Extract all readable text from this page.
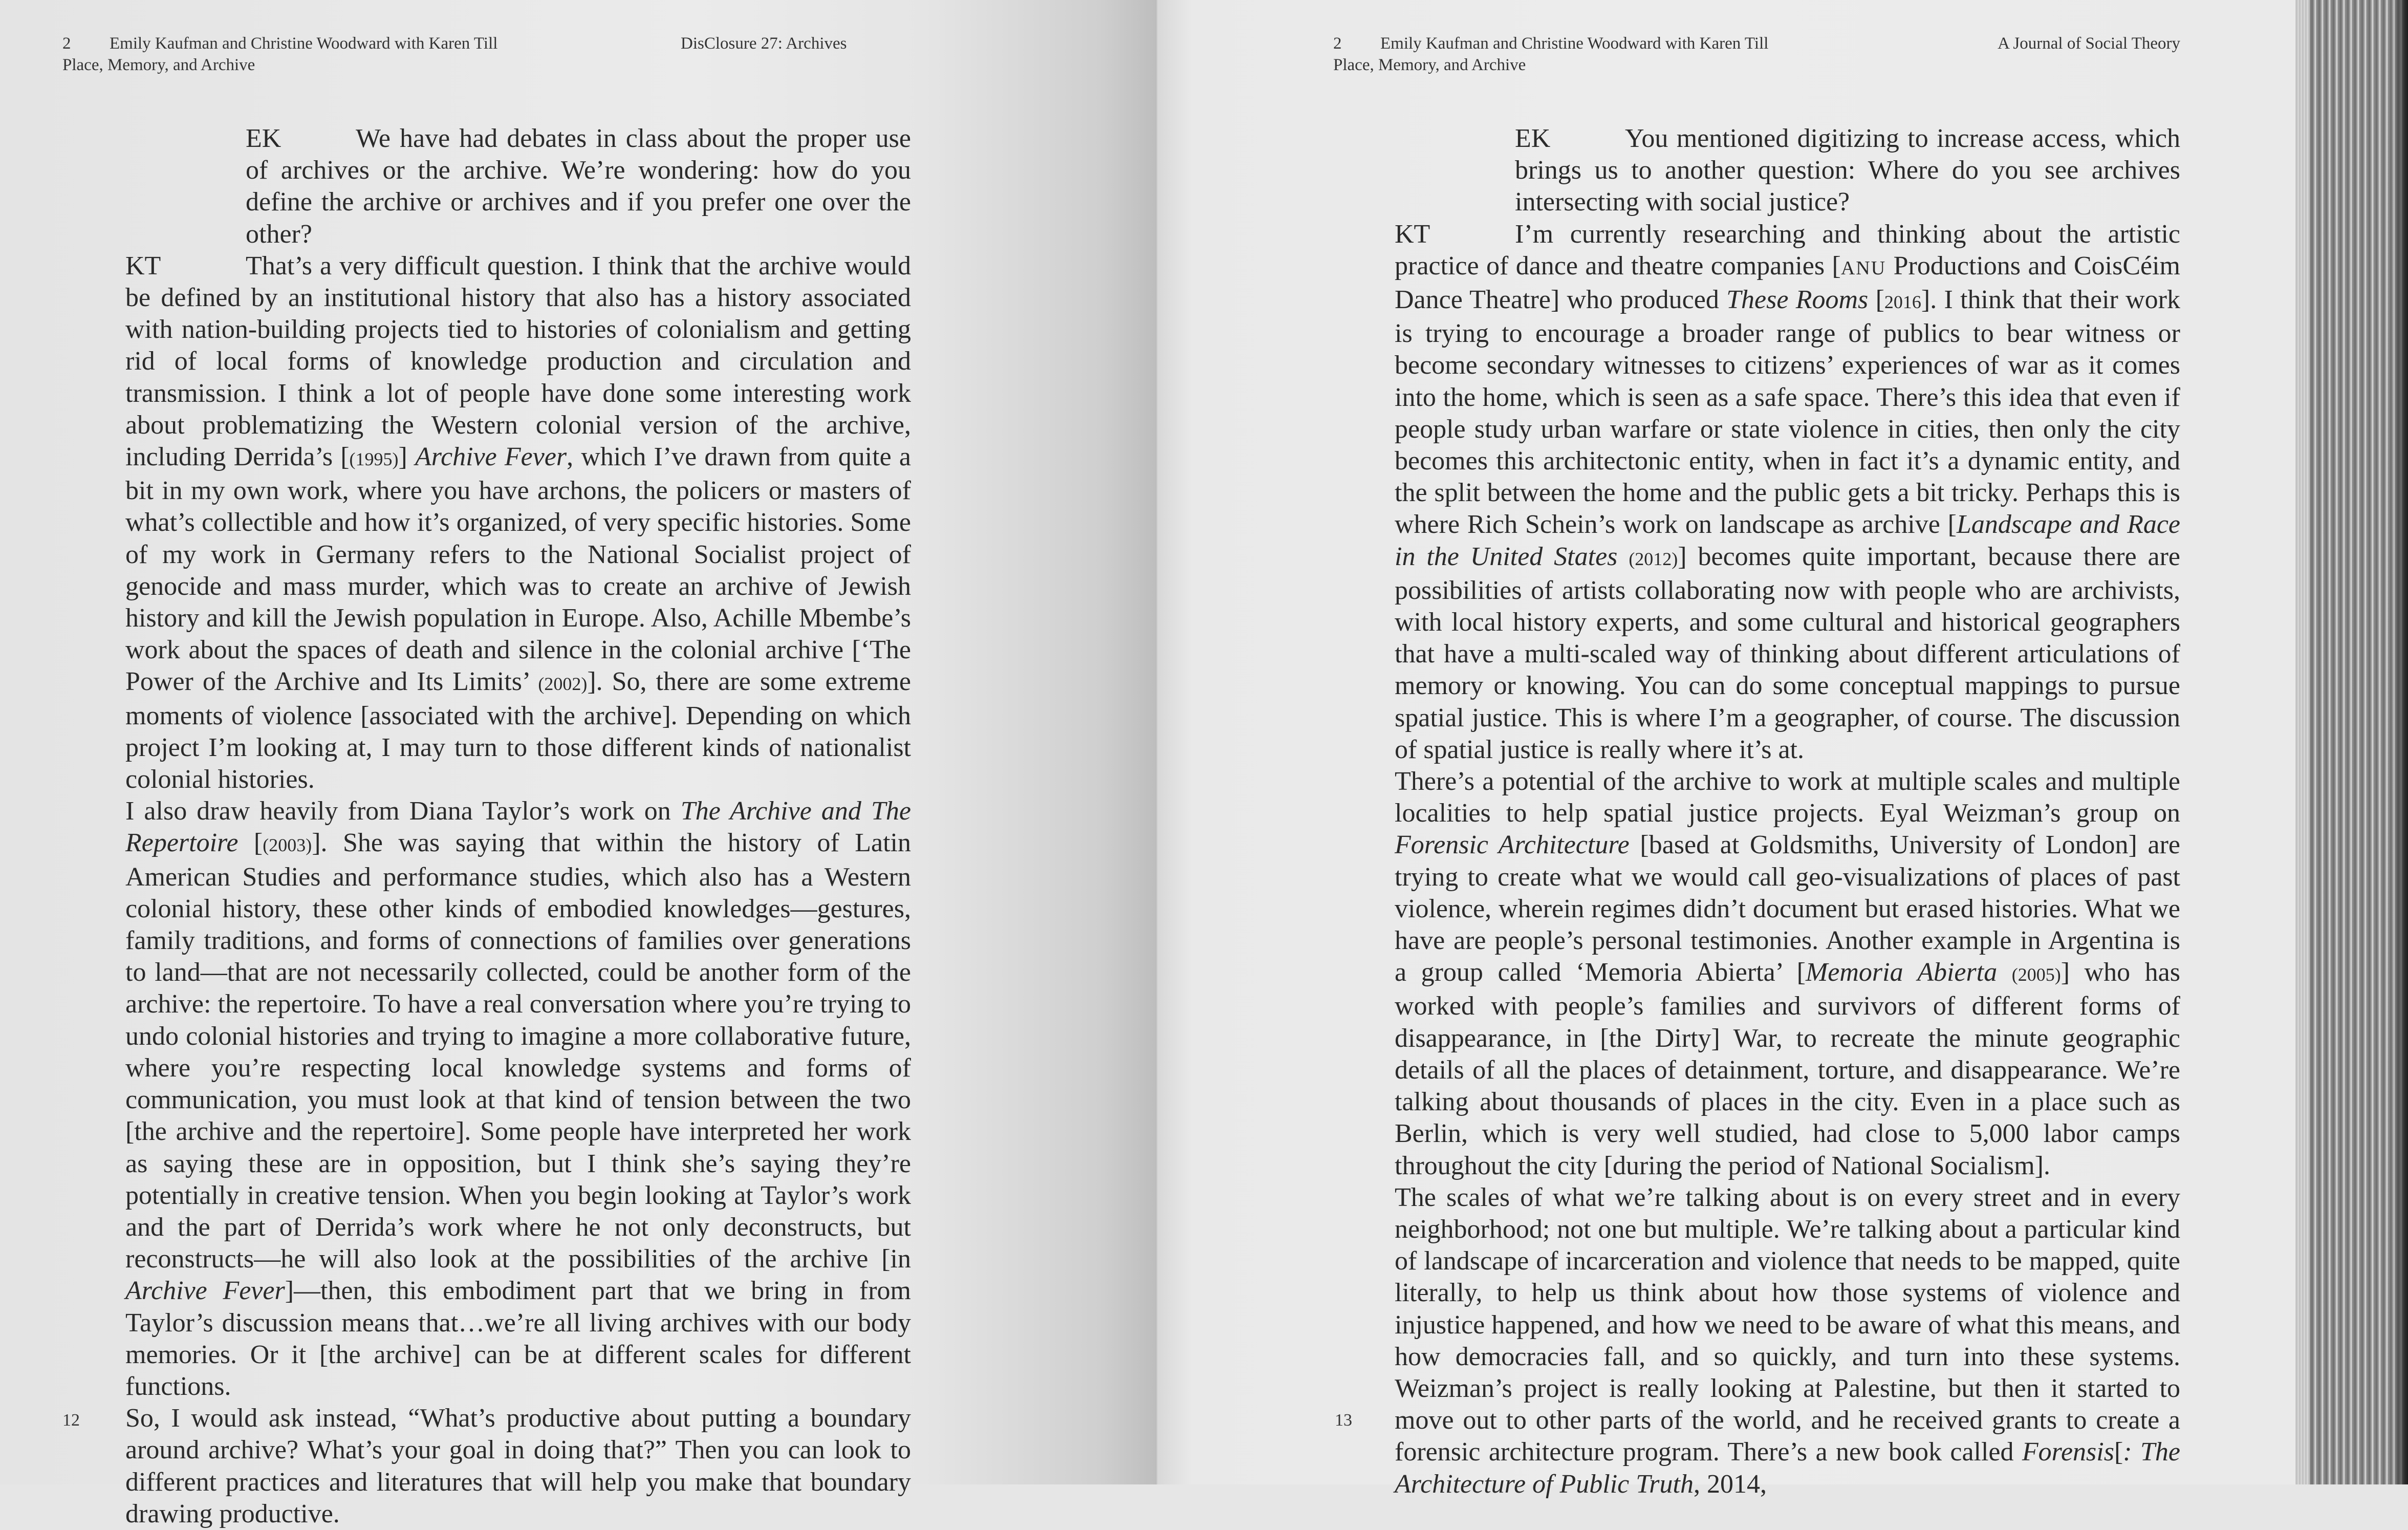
2 Emily Kaufman and Christine Woodward with Karen Till
Place, Memory, and Archive
DisClosure 27: Archives

EK	We have had debates in class about the proper use of archives or the archive. We’re wondering: how do you define the archive or archives and if you prefer one over the other?

KT	That’s a very difficult question. I think that the archive would be defined by an institutional history that also has a history associated with nation-building projects tied to histories of colonialism and getting rid of local forms of knowledge production and circulation and transmission. I think a lot of people have done some interesting work about problematizing the Western colonial version of the archive, including Derrida’s [(1995)] Archive Fever, which I’ve drawn from quite a bit in my own work, where you have archons, the policers or masters of what’s collectible and how it’s organized, of very specific histories. Some of my work in Germany refers to the National Socialist project of genocide and mass murder, which was to create an archive of Jewish history and kill the Jewish population in Europe. Also, Achille Mbembe’s work about the spaces of death and silence in the colonial archive [‘The Power of the Archive and Its Limits’ (2002)]. So, there are some extreme moments of violence [associated with the archive]. Depending on which project I’m looking at, I may turn to those different kinds of nationalist colonial histories.

I also draw heavily from Diana Taylor’s work on The Archive and The Repertoire [(2003)]. She was saying that within the history of Latin American Studies and performance studies, which also has a Western colonial history, these other kinds of embodied knowledges—gestures, family traditions, and forms of connections of families over generations to land—that are not necessarily collected, could be another form of the archive: the repertoire. To have a real conversation where you’re trying to undo colonial histories and trying to imagine a more collaborative future, where you’re respecting local knowledge systems and forms of communication, you must look at that kind of tension between the two [the archive and the repertoire]. Some people have interpreted her work as saying these are in opposition, but I think she’s saying they’re potentially in creative tension. When you begin looking at Taylor’s work and the part of Derrida’s work where he not only deconstructs, but reconstructs—he will also look at the possibilities of the archive [in Archive Fever]—then, this embodiment part that we bring in from Taylor’s discussion means that…we’re all living archives with our body memories. Or it [the archive] can be at different scales for different functions.

So, I would ask instead, “What’s productive about putting a boundary around archive? What’s your goal in doing that?” Then you can look to different practices and literatures that will help you make that boundary drawing productive.

12
2 Emily Kaufman and Christine Woodward with Karen Till
Place, Memory, and Archive
A Journal of Social Theory

EK	You mentioned digitizing to increase access, which brings us to another question: Where do you see archives intersecting with social justice?

KT	I’m currently researching and thinking about the artistic practice of dance and theatre companies [ANU Productions and CoisCéim Dance Theatre] who produced These Rooms [2016]. I think that their work is trying to encourage a broader range of publics to bear witness or become secondary witnesses to citizens’ experiences of war as it comes into the home, which is seen as a safe space. There’s this idea that even if people study urban warfare or state violence in cities, then only the city becomes this architectonic entity, when in fact it’s a dynamic entity, and the split between the home and the public gets a bit tricky. Perhaps this is where Rich Schein’s work on landscape as archive [Landscape and Race in the United States (2012)] becomes quite important, because there are possibilities of artists collaborating now with people who are archivists, with local history experts, and some cultural and historical geographers that have a multi-scaled way of thinking about different articulations of memory or knowing. You can do some conceptual mappings to pursue spatial justice. This is where I’m a geographer, of course. The discussion of spatial justice is really where it’s at.

There’s a potential of the archive to work at multiple scales and multiple localities to help spatial justice projects. Eyal Weizman’s group on Forensic Architecture [based at Goldsmiths, University of London] are trying to create what we would call geo-visualizations of places of past violence, wherein regimes didn’t document but erased histories. What we have are people’s personal testimonies. Another example in Argentina is a group called ‘Memoria Abierta’ [Memoria Abierta (2005)] who has worked with people’s families and survivors of different forms of disappearance, in [the Dirty] War, to recreate the minute geographic details of all the places of detainment, torture, and disappearance. We’re talking about thousands of places in the city. Even in a place such as Berlin, which is very well studied, had close to 5,000 labor camps throughout the city [during the period of National Socialism].

The scales of what we’re talking about is on every street and in every neighborhood; not one but multiple. We’re talking about a particular kind of landscape of incarceration and violence that needs to be mapped, quite literally, to help us think about how those systems of violence and injustice happened, and how we need to be aware of what this means, and how democracies fall, and so quickly, and turn into these systems. Weizman’s project is really looking at Palestine, but then it started to move out to other parts of the world, and he received grants to create a forensic architecture program. There’s a new book called Forensis[: The Architecture of Public Truth, 2014,

13
